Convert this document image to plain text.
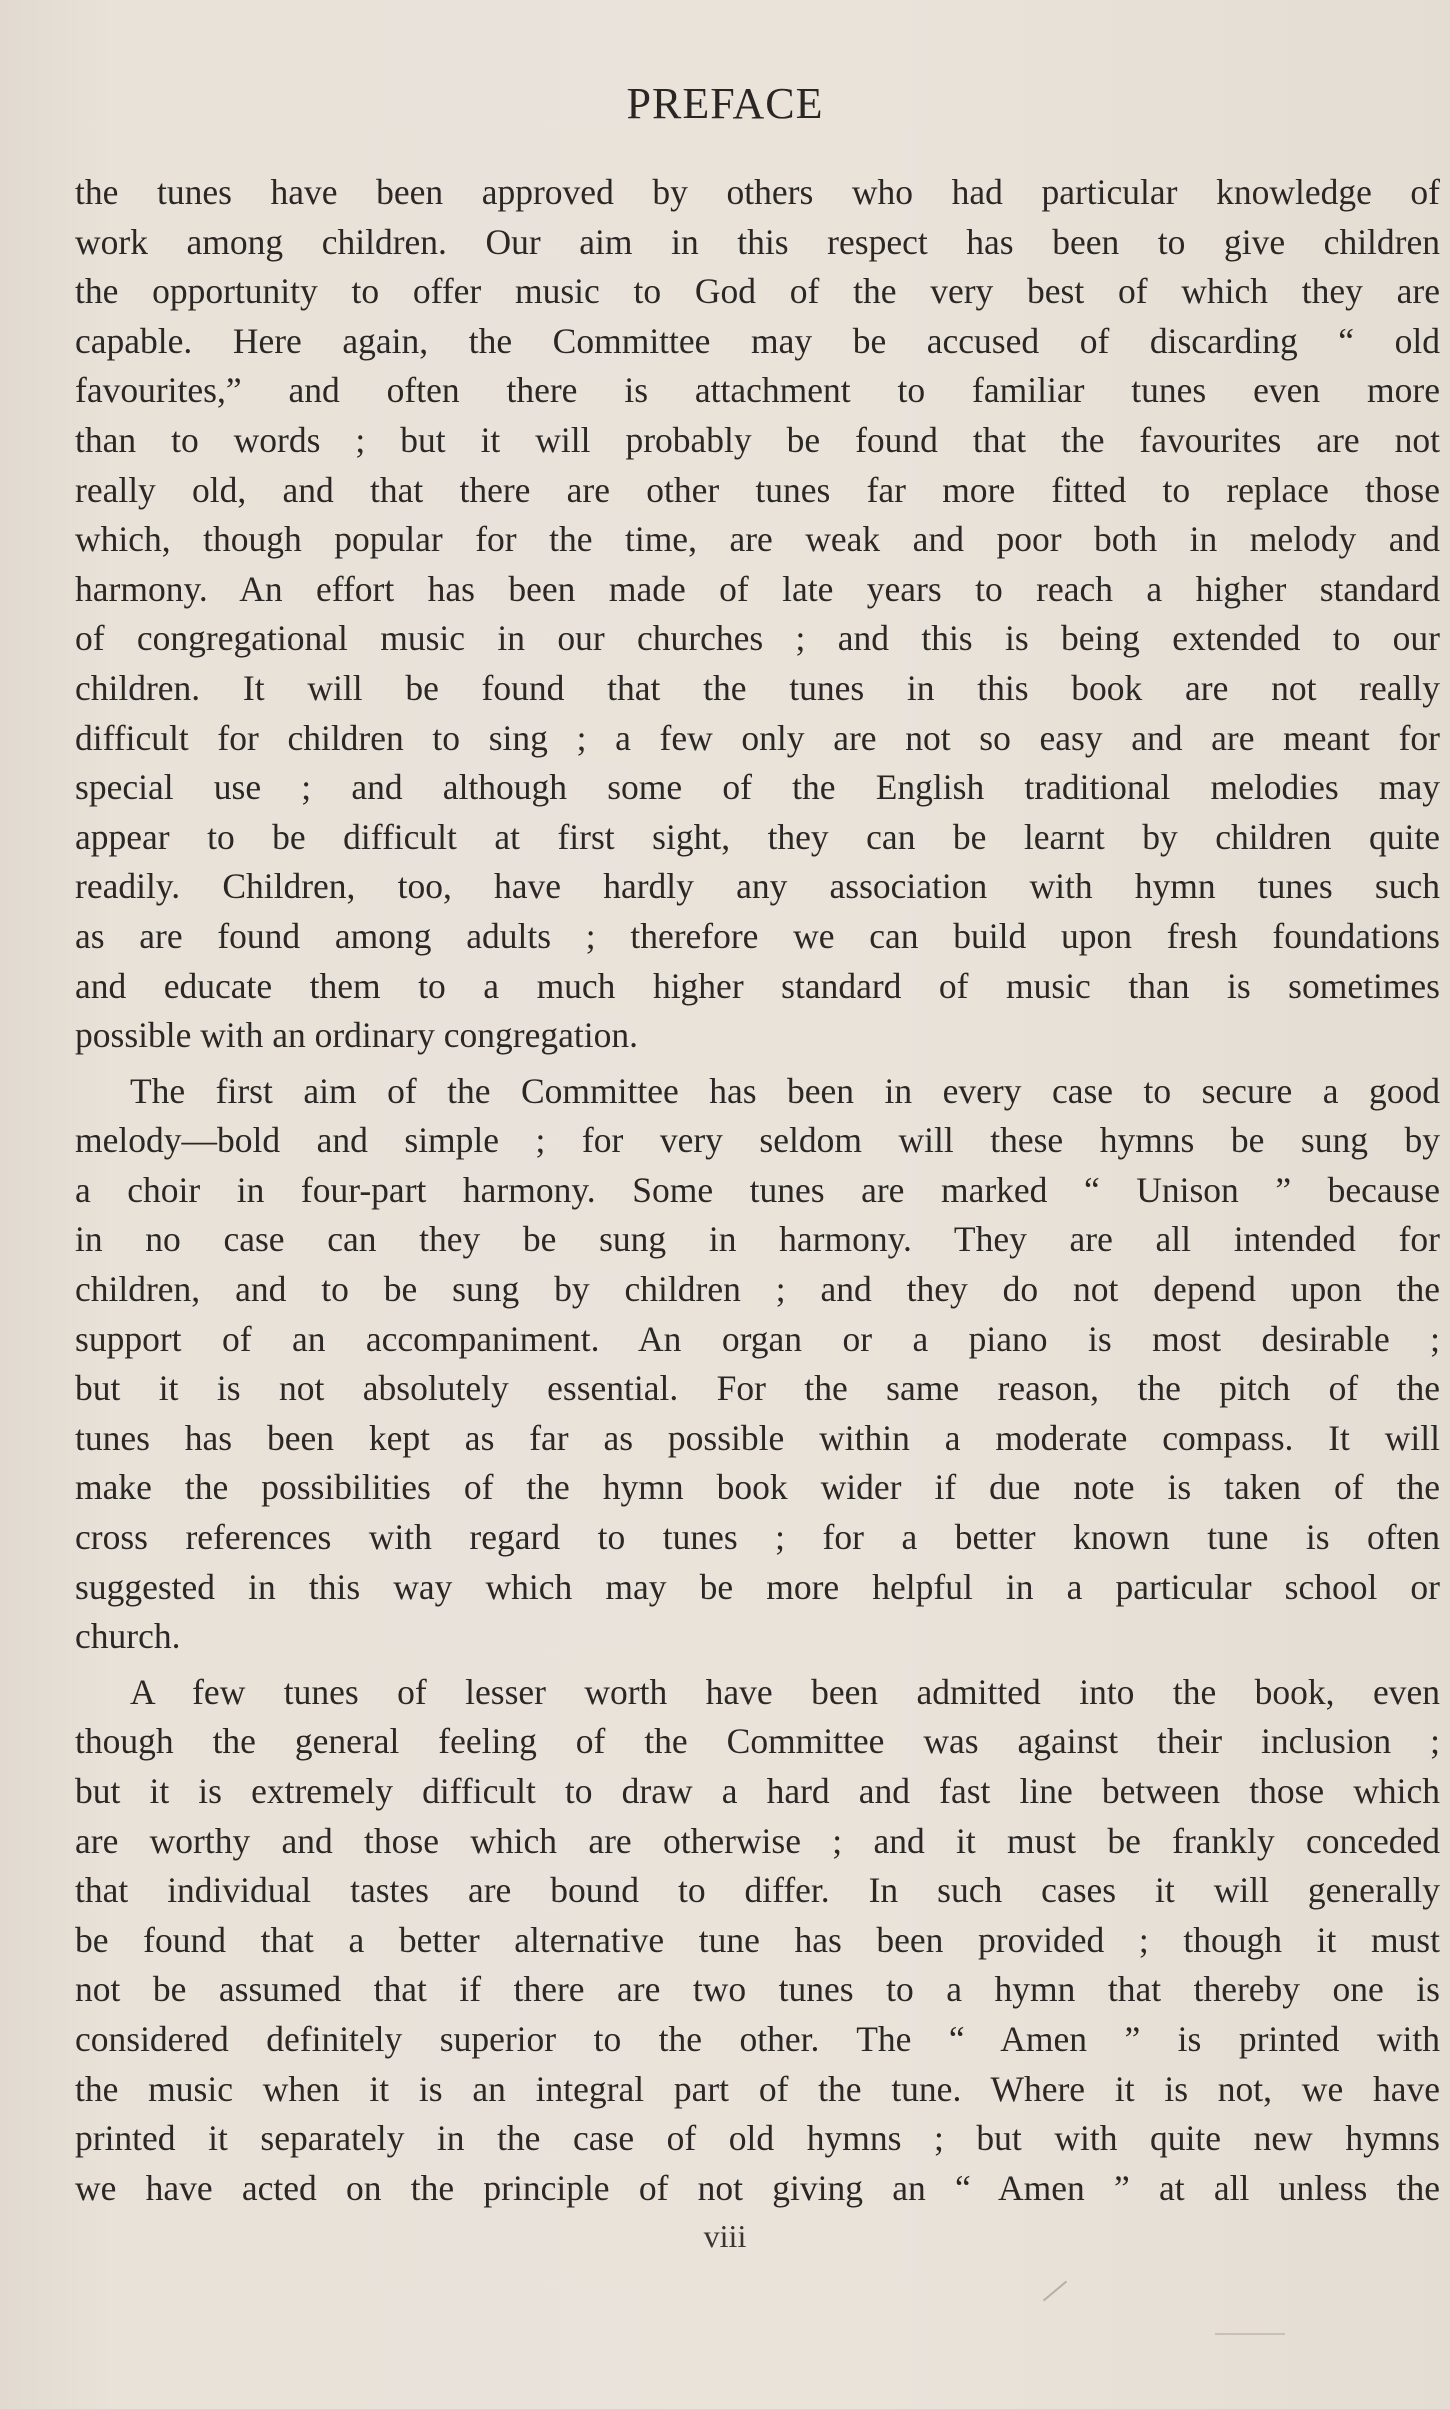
PREFACE
the tunes have been approved by others who had particular knowledge of
work among children. Our aim in this respect has been to give children
the opportunity to offer music to God of the very best of which they are
capable. Here again, the Committee may be accused of discarding “ old
favourites,” and often there is attachment to familiar tunes even more
than to words ; but it will probably be found that the favourites are not
really old, and that there are other tunes far more fitted to replace those
which, though popular for the time, are weak and poor both in melody and
harmony. An effort has been made of late years to reach a higher standard
of congregational music in our churches ; and this is being extended to our
children. It will be found that the tunes in this book are not really
difficult for children to sing ; a few only are not so easy and are meant for
special use ; and although some of the English traditional melodies may
appear to be difficult at first sight, they can be learnt by children quite
readily. Children, too, have hardly any association with hymn tunes such
as are found among adults ; therefore we can build upon fresh foundations
and educate them to a much higher standard of music than is sometimes
possible with an ordinary congregation.
The first aim of the Committee has been in every case to secure a good
melody—bold and simple ; for very seldom will these hymns be sung by
a choir in four-part harmony. Some tunes are marked “ Unison ” because
in no case can they be sung in harmony. They are all intended for
children, and to be sung by children ; and they do not depend upon the
support of an accompaniment. An organ or a piano is most desirable ;
but it is not absolutely essential. For the same reason, the pitch of the
tunes has been kept as far as possible within a moderate compass. It will
make the possibilities of the hymn book wider if due note is taken of the
cross references with regard to tunes ; for a better known tune is often
suggested in this way which may be more helpful in a particular school or
church.
A few tunes of lesser worth have been admitted into the book, even
though the general feeling of the Committee was against their inclusion ;
but it is extremely difficult to draw a hard and fast line between those which
are worthy and those which are otherwise ; and it must be frankly conceded
that individual tastes are bound to differ. In such cases it will generally
be found that a better alternative tune has been provided ; though it must
not be assumed that if there are two tunes to a hymn that thereby one is
considered definitely superior to the other. The “ Amen ” is printed with
the music when it is an integral part of the tune. Where it is not, we have
printed it separately in the case of old hymns ; but with quite new hymns
we have acted on the principle of not giving an “ Amen ” at all unless the
viii
